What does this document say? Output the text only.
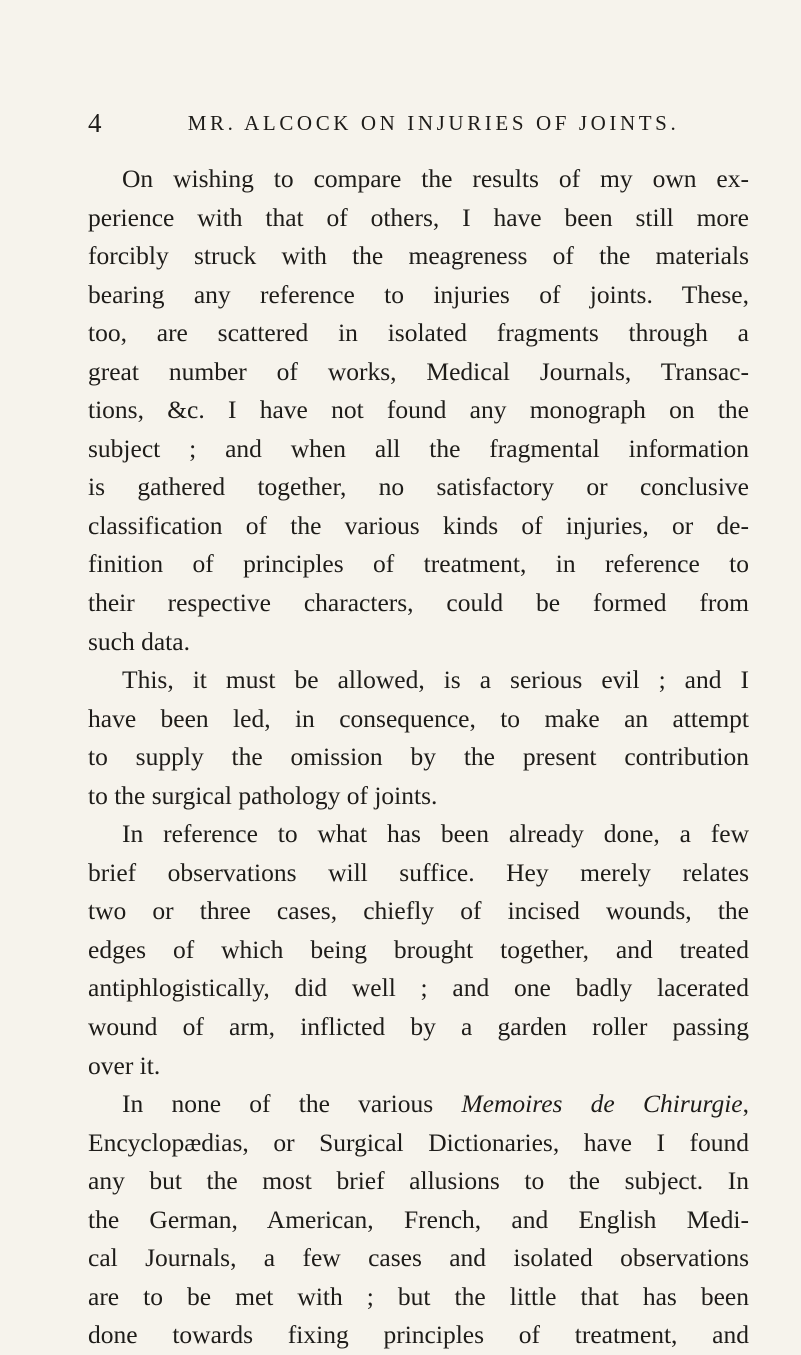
4	MR. ALCOCK ON INJURIES OF JOINTS.
On wishing to compare the results of my own ex-
perience with that of others, I have been still more
forcibly struck with the meagreness of the materials
bearing any reference to injuries of joints. These,
too, are scattered in isolated fragments through a
great number of works, Medical Journals, Transac-
tions, &c. I have not found any monograph on the
subject ; and when all the fragmental information
is gathered together, no satisfactory or conclusive
classification of the various kinds of injuries, or de-
finition of principles of treatment, in reference to
their respective characters, could be formed from
such data.
This, it must be allowed, is a serious evil ; and I
have been led, in consequence, to make an attempt
to supply the omission by the present contribution
to the surgical pathology of joints.
In reference to what has been already done, a few
brief observations will suffice. Hey merely relates
two or three cases, chiefly of incised wounds, the
edges of which being brought together, and treated
antiphlogistically, did well ; and one badly lacerated
wound of arm, inflicted by a garden roller passing
over it.
In none of the various Memoires de Chirurgie,
Encyclopædias, or Surgical Dictionaries, have I found
any but the most brief allusions to the subject. In
the German, American, French, and English Medi-
cal Journals, a few cases and isolated observations
are to be met with ; but the little that has been
done towards fixing principles of treatment, and
